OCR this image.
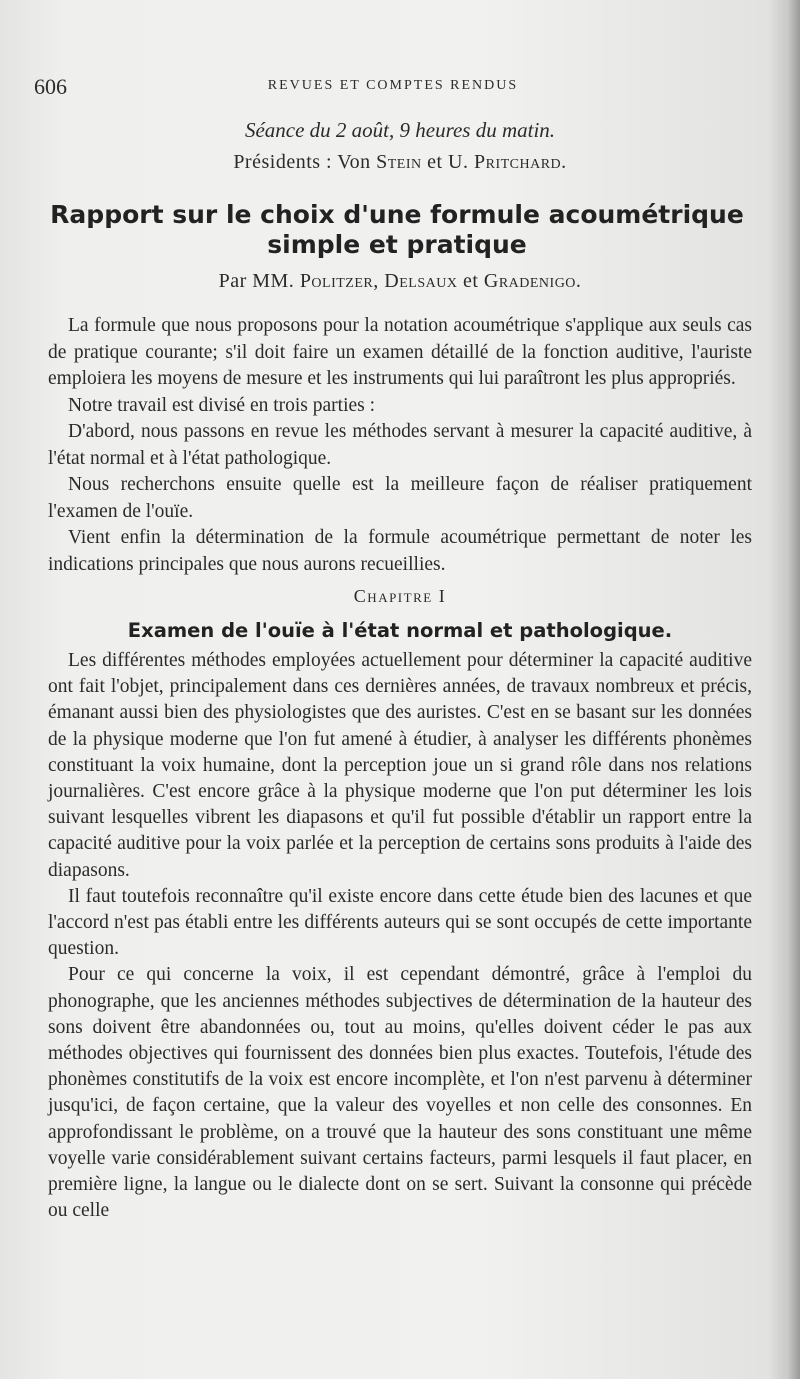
606	REVUES ET COMPTES RENDUS
Séance du 2 août, 9 heures du matin.
Présidents : Von Stein et U. Pritchard.
Rapport sur le choix d'une formule acoumétrique simple et pratique
Par MM. Politzer, Delsaux et Gradenigo.

La formule que nous proposons pour la notation acoumétrique s'applique aux seuls cas de pratique courante; s'il doit faire un examen détaillé de la fonction auditive, l'auriste emploiera les moyens de mesure et les instruments qui lui paraîtront les plus appropriés.

Notre travail est divisé en trois parties :

D'abord, nous passons en revue les méthodes servant à mesurer la capacité auditive, à l'état normal et à l'état pathologique.

Nous recherchons ensuite quelle est la meilleure façon de réaliser pratiquement l'examen de l'ouïe.

Vient enfin la détermination de la formule acoumétrique permettant de noter les indications principales que nous aurons recueillies.

Chapitre I
Examen de l'ouïe à l'état normal et pathologique.

Les différentes méthodes employées actuellement pour déterminer la capacité auditive ont fait l'objet, principalement dans ces dernières années, de travaux nombreux et précis, émanant aussi bien des physiologistes que des auristes. C'est en se basant sur les données de la physique moderne que l'on fut amené à étudier, à analyser les différents phonèmes constituant la voix humaine, dont la perception joue un si grand rôle dans nos relations journalières. C'est encore grâce à la physique moderne que l'on put déterminer les lois suivant lesquelles vibrent les diapasons et qu'il fut possible d'établir un rapport entre la capacité auditive pour la voix parlée et la perception de certains sons produits à l'aide des diapasons.

Il faut toutefois reconnaître qu'il existe encore dans cette étude bien des lacunes et que l'accord n'est pas établi entre les différents auteurs qui se sont occupés de cette importante question.

Pour ce qui concerne la voix, il est cependant démontré, grâce à l'emploi du phonographe, que les anciennes méthodes subjectives de détermination de la hauteur des sons doivent être abandonnées ou, tout au moins, qu'elles doivent céder le pas aux méthodes objectives qui fournissent des données bien plus exactes. Toutefois, l'étude des phonèmes constitutifs de la voix est encore incomplète, et l'on n'est parvenu à déterminer jusqu'ici, de façon certaine, que la valeur des voyelles et non celle des consonnes. En approfondissant le problème, on a trouvé que la hauteur des sons constituant une même voyelle varie considérablement suivant certains facteurs, parmi lesquels il faut placer, en première ligne, la langue ou le dialecte dont on se sert. Suivant la consonne qui précède ou celle
